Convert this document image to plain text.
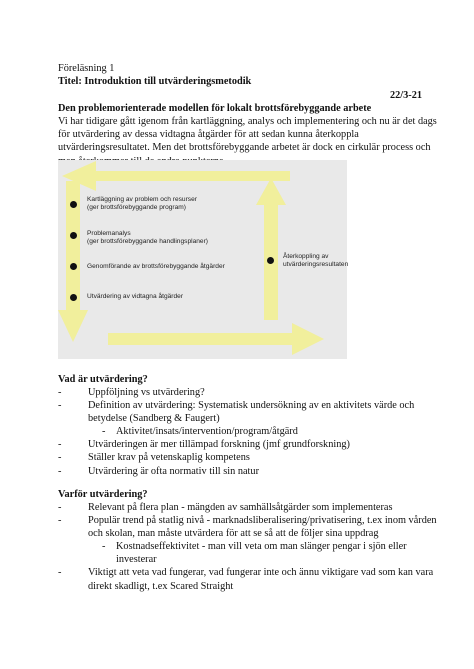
Föreläsning 1
Titel: Introduktion till utvärderingsmetodik
22/3-21
Den problemorienterade modellen för lokalt brottsförebyggande arbete
Vi har tidigare gått igenom från kartläggning, analys och implementering och nu är det dags
för utvärdering av dessa vidtagna åtgärder för att sedan kunna återkoppla
utvärderingsresultatet. Men det brottsförebyggande arbetet är dock en cirkulär process och
Kartläggning av problem och resurser
(ger brottsförebyggande program)
Problemanalys
(ger brottsförebyggande handlingsplaner)
Genomförande av brottsförebyggande åtgärder
Utvärdering av vidtagna åtgärder
Återkoppling av
utvärderingsresultaten
Vad är utvärdering?
-	Uppföljning vs utvärdering?
-	Definition av utvärdering: Systematisk undersökning av en aktivitets värde och
betydelse (Sandberg & Faugert)
- Aktivitet/insats/intervention/program/åtgärd
-	Utvärderingen är mer tillämpad forskning (jmf grundforskning)
-	Ställer krav på vetenskaplig kompetens
-	Utvärdering är ofta normativ till sin natur
Varför utvärdering?
-	Relevant på flera plan - mängden av samhällsåtgärder som implementeras
-	Populär trend på statlig nivå - marknadsliberalisering/privatisering, t.ex inom vården
och skolan, man måste utvärdera för att se så att de följer sina uppdrag
- Kostnadseffektivitet - man vill veta om man slänger pengar i sjön eller
investerar
-	Viktigt att veta vad fungerar, vad fungerar inte och ännu viktigare vad som kan vara
direkt skadligt, t.ex Scared Straight
